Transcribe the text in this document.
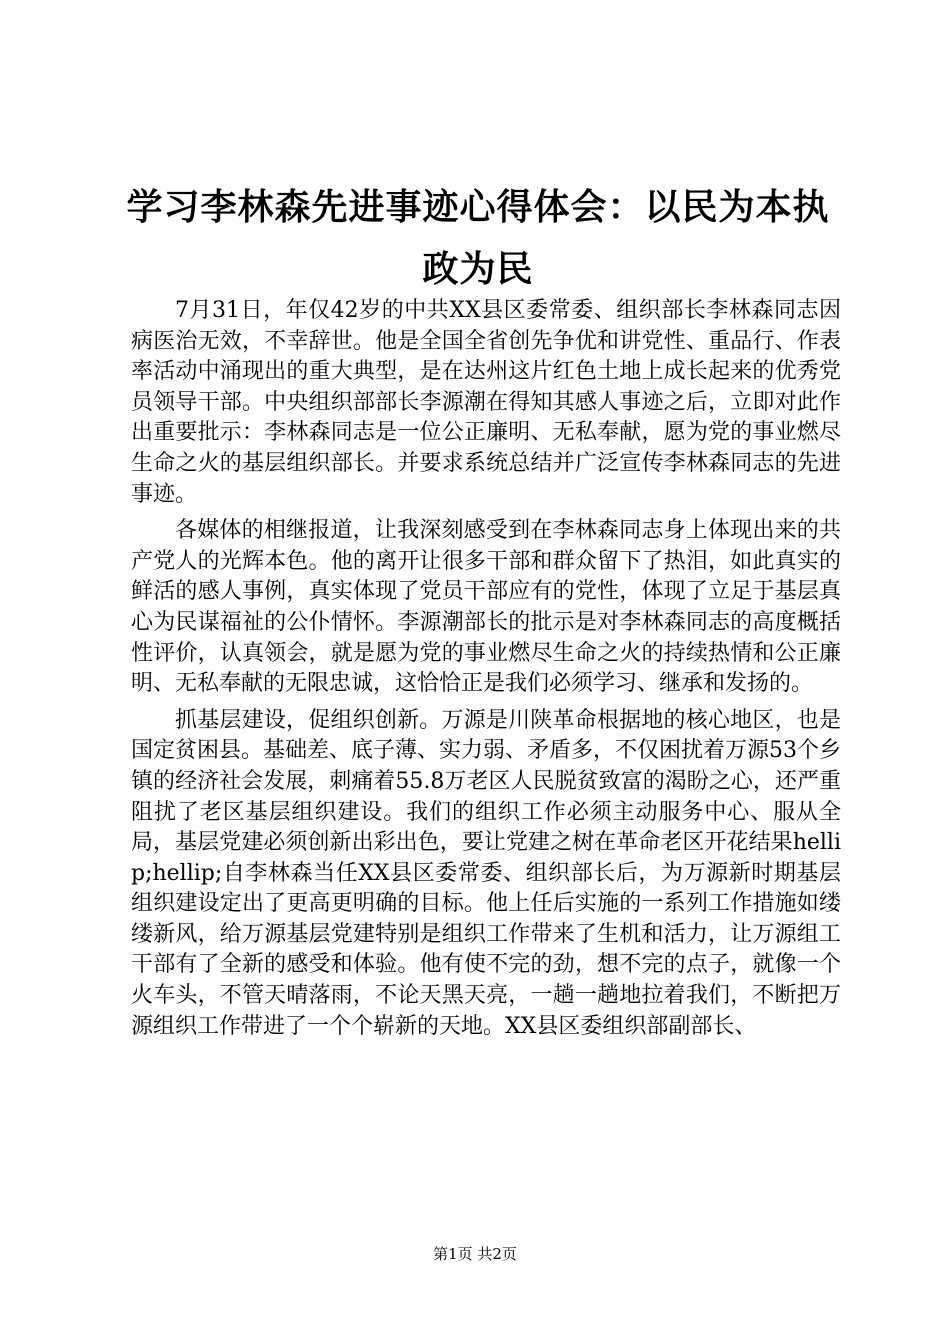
学习李林森先进事迹心得体会：以民为本执政为民

7月31日，年仅42岁的中共XX县区委常委、组织部长李林森同志因病医治无效，不幸辞世。他是全国全省创先争优和讲党性、重品行、作表率活动中涌现出的重大典型，是在达州这片红色土地上成长起来的优秀党员领导干部。中央组织部部长李源潮在得知其感人事迹之后，立即对此作出重要批示：李林森同志是一位公正廉明、无私奉献，愿为党的事业燃尽生命之火的基层组织部长。并要求系统总结并广泛宣传李林森同志的先进事迹。

各媒体的相继报道，让我深刻感受到在李林森同志身上体现出来的共产党人的光辉本色。他的离开让很多干部和群众留下了热泪，如此真实的鲜活的感人事例，真实体现了党员干部应有的党性，体现了立足于基层真心为民谋福祉的公仆情怀。李源潮部长的批示是对李林森同志的高度概括性评价，认真领会，就是愿为党的事业燃尽生命之火的持续热情和公正廉明、无私奉献的无限忠诚，这恰恰正是我们必须学习、继承和发扬的。

抓基层建设，促组织创新。万源是川陕革命根据地的核心地区，也是国定贫困县。基础差、底子薄、实力弱、矛盾多，不仅困扰着万源53个乡镇的经济社会发展，刺痛着55.8万老区人民脱贫致富的渴盼之心，还严重阻扰了老区基层组织建设。我们的组织工作必须主动服务中心、服从全局，基层党建必须创新出彩出色，要让党建之树在革命老区开花结果hellip;hellip;自李林森当任XX县区委常委、组织部长后，为万源新时期基层组织建设定出了更高更明确的目标。他上任后实施的一系列工作措施如缕缕新风，给万源基层党建特别是组织工作带来了生机和活力，让万源组工干部有了全新的感受和体验。他有使不完的劲，想不完的点子，就像一个火车头，不管天晴落雨，不论天黑天亮，一趟一趟地拉着我们，不断把万源组织工作带进了一个个崭新的天地。XX县区委组织部副部长、

第1页 共2页
